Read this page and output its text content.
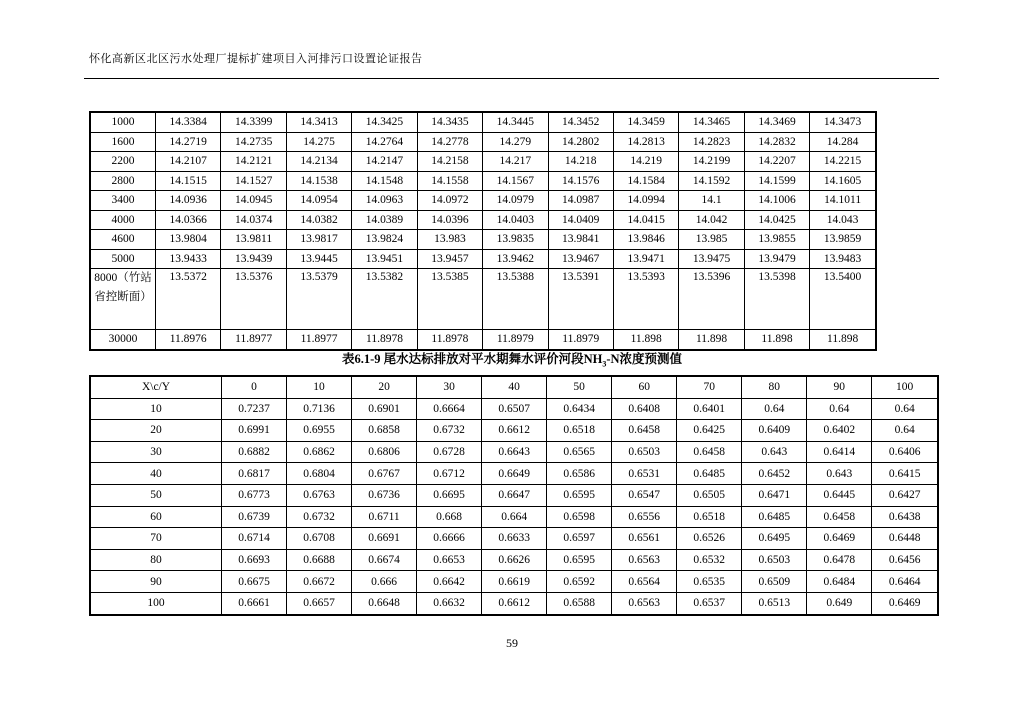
怀化高新区北区污水处理厂提标扩建项目入河排污口设置论证报告
1000	14.3384	14.3399	14.3413	14.3425	14.3435	14.3445	14.3452	14.3459	14.3465	14.3469	14.3473
1600	14.2719	14.2735	14.275	14.2764	14.2778	14.279	14.2802	14.2813	14.2823	14.2832	14.284
2200	14.2107	14.2121	14.2134	14.2147	14.2158	14.217	14.218	14.219	14.2199	14.2207	14.2215
2800	14.1515	14.1527	14.1538	14.1548	14.1558	14.1567	14.1576	14.1584	14.1592	14.1599	14.1605
3400	14.0936	14.0945	14.0954	14.0963	14.0972	14.0979	14.0987	14.0994	14.1	14.1006	14.1011
4000	14.0366	14.0374	14.0382	14.0389	14.0396	14.0403	14.0409	14.0415	14.042	14.0425	14.043
4600	13.9804	13.9811	13.9817	13.9824	13.983	13.9835	13.9841	13.9846	13.985	13.9855	13.9859
5000	13.9433	13.9439	13.9445	13.9451	13.9457	13.9462	13.9467	13.9471	13.9475	13.9479	13.9483
8000（竹站省控断面）	13.5372	13.5376	13.5379	13.5382	13.5385	13.5388	13.5391	13.5393	13.5396	13.5398	13.5400
30000	11.8976	11.8977	11.8977	11.8978	11.8978	11.8979	11.8979	11.898	11.898	11.898	11.898
表6.1-9 尾水达标排放对平水期舞水评价河段$NH_3-N$浓度预测值
X\c/Y	0	10	20	30	40	50	60	70	80	90	100
10	0.7237	0.7136	0.6901	0.6664	0.6507	0.6434	0.6408	0.6401	0.64	0.64	0.64
20	0.6991	0.6955	0.6858	0.6732	0.6612	0.6518	0.6458	0.6425	0.6409	0.6402	0.64
30	0.6882	0.6862	0.6806	0.6728	0.6643	0.6565	0.6503	0.6458	0.643	0.6414	0.6406
40	0.6817	0.6804	0.6767	0.6712	0.6649	0.6586	0.6531	0.6485	0.6452	0.643	0.6415
50	0.6773	0.6763	0.6736	0.6695	0.6647	0.6595	0.6547	0.6505	0.6471	0.6445	0.6427
60	0.6739	0.6732	0.6711	0.668	0.664	0.6598	0.6556	0.6518	0.6485	0.6458	0.6438
70	0.6714	0.6708	0.6691	0.6666	0.6633	0.6597	0.6561	0.6526	0.6495	0.6469	0.6448
80	0.6693	0.6688	0.6674	0.6653	0.6626	0.6595	0.6563	0.6532	0.6503	0.6478	0.6456
90	0.6675	0.6672	0.666	0.6642	0.6619	0.6592	0.6564	0.6535	0.6509	0.6484	0.6464
100	0.6661	0.6657	0.6648	0.6632	0.6612	0.6588	0.6563	0.6537	0.6513	0.649	0.6469
59
